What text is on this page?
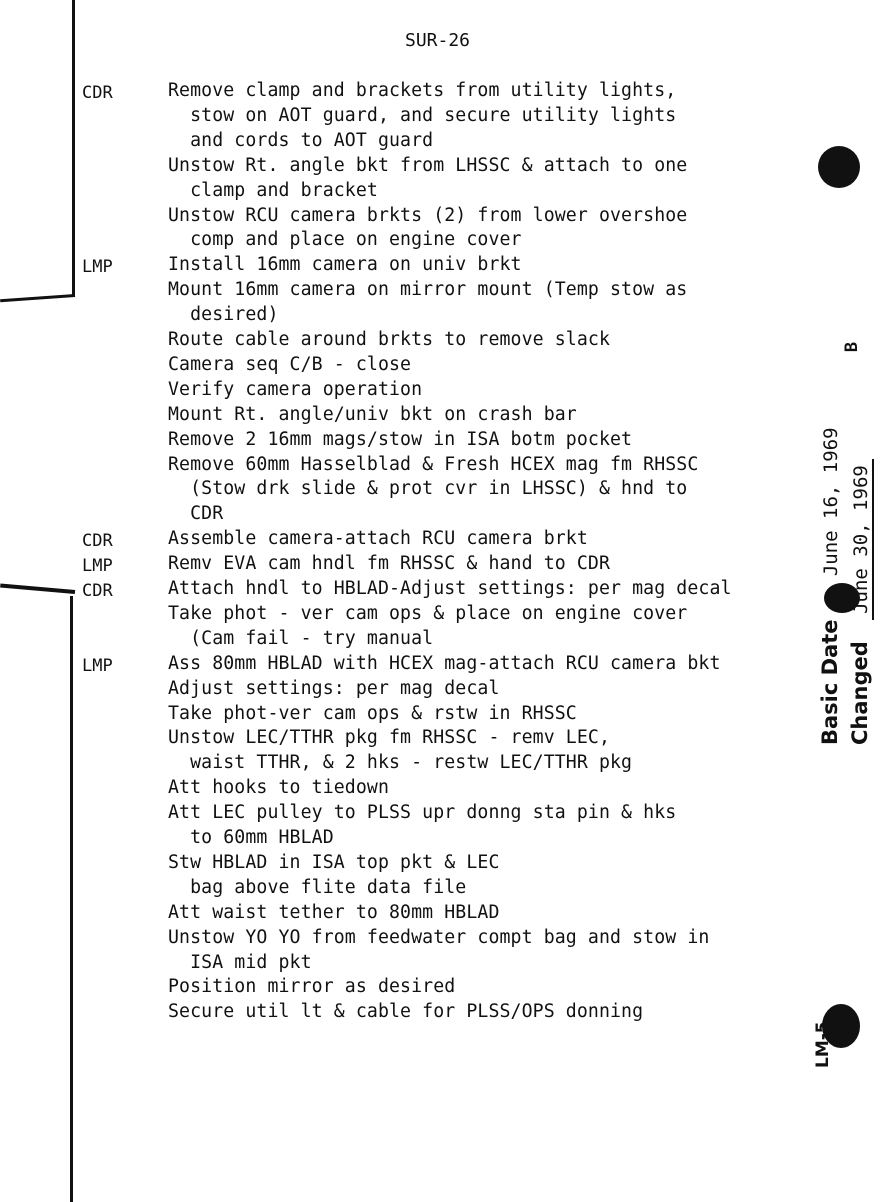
SUR-26
CDR	Remove clamp and brackets from utility lights,
stow on AOT guard, and secure utility lights
and cords to AOT guard
Unstow Rt. angle bkt from LHSSC & attach to one
clamp and bracket
Unstow RCU camera brkts (2) from lower overshoe
comp and place on engine cover
LMP	Install 16mm camera on univ brkt
Mount 16mm camera on mirror mount (Temp stow as
desired)
Route cable around brkts to remove slack
Camera seq C/B - close
Verify camera operation
Mount Rt. angle/univ bkt on crash bar
Remove 2 16mm mags/stow in ISA botm pocket
Remove 60mm Hasselblad & Fresh HCEX mag fm RHSSC
(Stow drk slide & prot cvr in LHSSC) & hnd to
CDR
CDR	Assemble camera-attach RCU camera brkt
LMP	Remv EVA cam hndl fm RHSSC & hand to CDR
CDR	Attach hndl to HBLAD-Adjust settings: per mag decal
Take phot - ver cam ops & place on engine cover
(Cam fail - try manual
LMP	Ass 80mm HBLAD with HCEX mag-attach RCU camera bkt
Adjust settings: per mag decal
Take phot-ver cam ops & rstw in RHSSC
Unstow LEC/TTHR pkg fm RHSSC - remv LEC,
waist TTHR, & 2 hks - restw LEC/TTHR pkg
Att hooks to tiedown
Att LEC pulley to PLSS upr donng sta pin & hks
to 60mm HBLAD
Stw HBLAD in ISA top pkt & LEC
bag above flite data file
Att waist tether to 80mm HBLAD
Unstow YO YO from feedwater compt bag and stow in
ISA mid pkt
Position mirror as desired
Secure util lt & cable for PLSS/OPS donning
Basic Date June 16, 1969
Changed June 30, 1969
B
LM-5
